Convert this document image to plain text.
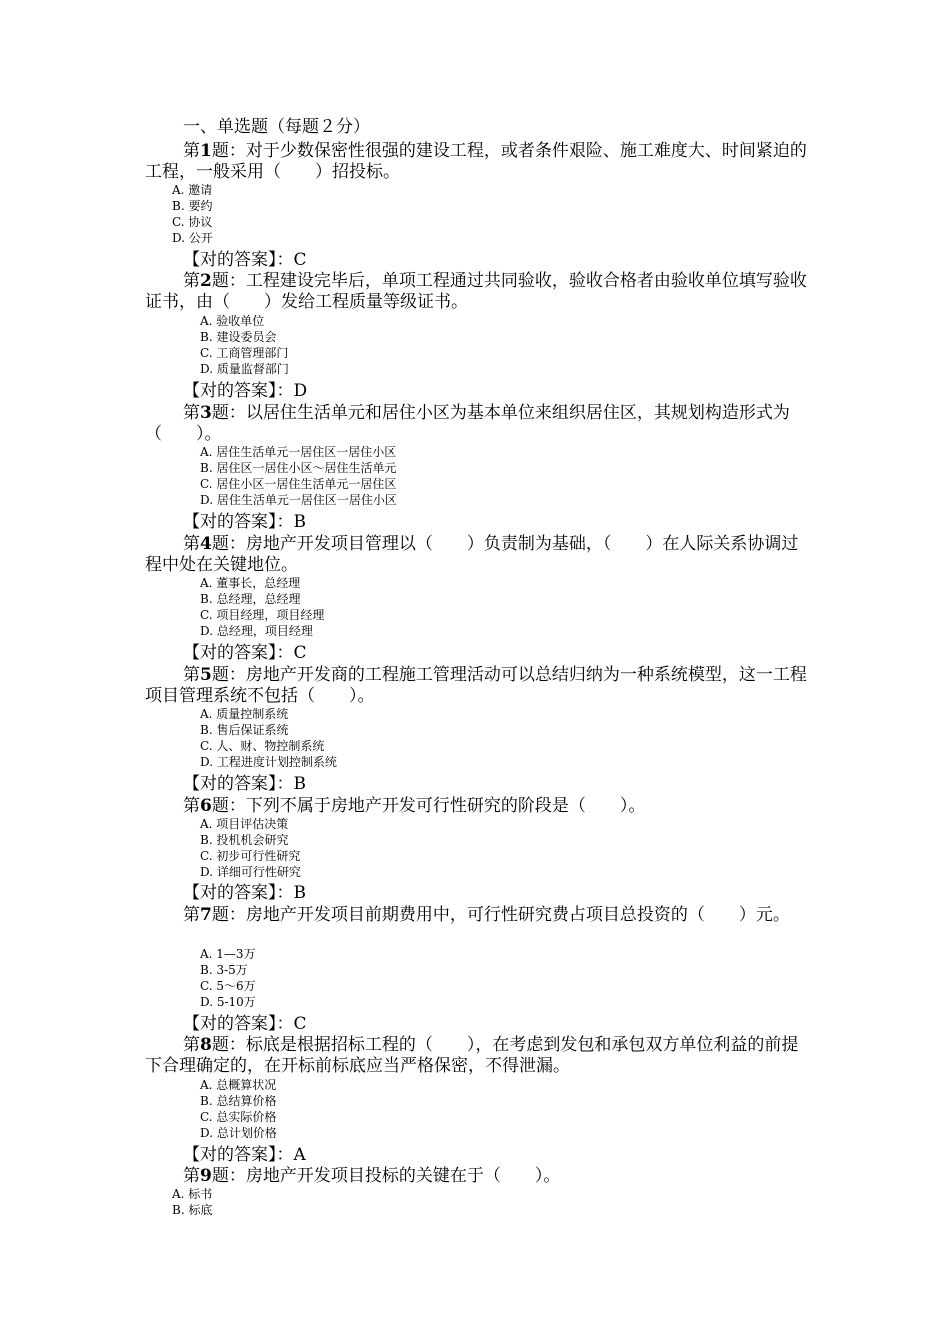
一、单选题（每题２分）
第1题：对于少数保密性很强的建设工程，或者条件艰险、施工难度大、时间紧迫的工程，一般采用（　　）招投标。
A. 邀请
B. 要约
C. 协议
D. 公开
【对的答案】：C
第2题：工程建设完毕后，单项工程通过共同验收，验收合格者由验收单位填写验收证书，由（　　）发给工程质量等级证书。
A. 验收单位
B. 建设委员会
C. 工商管理部门
D. 质量监督部门
【对的答案】：D
第3题：以居住生活单元和居住小区为基本单位来组织居住区，其规划构造形式为（　　）。
A. 居住生活单元一居住区一居住小区
B. 居住区一居住小区～居住生活单元
C. 居住小区一居住生活单元一居住区
D. 居住生活单元一居住区一居住小区
【对的答案】：B
第4题：房地产开发项目管理以（　　）负责制为基础，（　　）在人际关系协调过程中处在关键地位。
A. 董事长，总经理
B. 总经理，总经理
C. 项目经理，项目经理
D. 总经理，项目经理
【对的答案】：C
第5题：房地产开发商的工程施工管理活动可以总结归纳为一种系统模型，这一工程项目管理系统不包括（　　）。
A. 质量控制系统
B. 售后保证系统
C. 人、财、物控制系统
D. 工程进度计划控制系统
【对的答案】：B
第6题：下列不属于房地产开发可行性研究的阶段是（　　）。
A. 项目评估决策
B. 投机机会研究
C. 初步可行性研究
D. 详细可行性研究
【对的答案】：B
第7题：房地产开发项目前期费用中，可行性研究费占项目总投资的（　　）元。
A. 1—3万
B. 3-5万
C. 5～6万
D. 5-10万
【对的答案】：C
第8题：标底是根据招标工程的（　　），在考虑到发包和承包双方单位利益的前提下合理确定的，在开标前标底应当严格保密，不得泄漏。
A. 总概算状况
B. 总结算价格
C. 总实际价格
D. 总计划价格
【对的答案】：A
第9题：房地产开发项目投标的关键在于（　　）。
A. 标书
B. 标底
